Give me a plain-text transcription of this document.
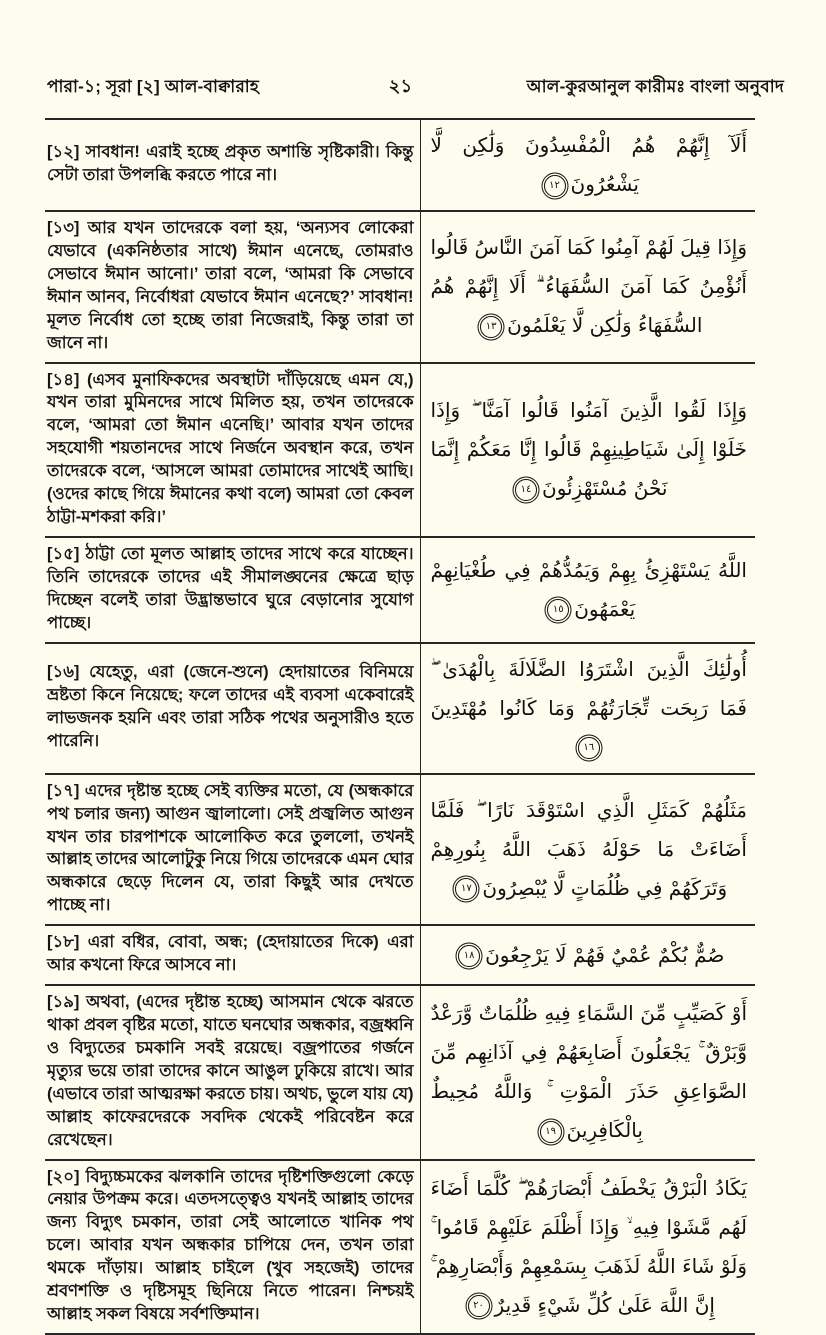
পারা-১; সূরা [২] আল-বাক্বারাহ	২১	আল-কুরআনুল কারীমঃ বাংলা অনুবাদ
[১২] সাবধান! এরাই হচ্ছে প্রকৃত অশান্তি সৃষ্টিকারী। কিন্তু সেটা তারা উপলব্ধি করতে পারে না।	أَلَآ إِنَّهُمْ هُمُ الْمُفْسِدُونَ وَلَٰكِن لَّا يَشْعُرُونَ١٢
[১৩] আর যখন তাদেরকে বলা হয়, ‘অন্যসব লোকেরা যেভাবে (একনিষ্ঠতার সাথে) ঈমান এনেছে, তোমরাও সেভাবে ঈমান আনো।’ তারা বলে, ‘আমরা কি সেভাবে ঈমান আনব, নির্বোধরা যেভাবে ঈমান এনেছে?’ সাবধান! মূলত নির্বোধ তো হচ্ছে তারা নিজেরাই, কিন্তু তারা তা জানে না।	وَإِذَا قِيلَ لَهُمْ آمِنُوا كَمَا آمَنَ النَّاسُ قَالُوا أَنُؤْمِنُ كَمَا آمَنَ السُّفَهَاءُ ۗ أَلَا إِنَّهُمْ هُمُ السُّفَهَاءُ وَلَٰكِن لَّا يَعْلَمُونَ١٣
[১৪] (এসব মুনাফিকদের অবস্থাটা দাঁড়িয়েছে এমন যে,) যখন তারা মুমিনদের সাথে মিলিত হয়, তখন তাদেরকে বলে, ‘আমরা তো ঈমান এনেছি।’ আবার যখন তাদের সহযোগী শয়তানদের সাথে নির্জনে অবস্থান করে, তখন তাদেরকে বলে, ‘আসলে আমরা তোমাদের সাথেই আছি। (ওদের কাছে গিয়ে ঈমানের কথা বলে) আমরা তো কেবল ঠাট্টা-মশকরা করি।’	وَإِذَا لَقُوا الَّذِينَ آمَنُوا قَالُوا آمَنَّا ۖ وَإِذَا خَلَوْا إِلَىٰ شَيَاطِينِهِمْ قَالُوا إِنَّا مَعَكُمْ إِنَّمَا نَحْنُ مُسْتَهْزِئُونَ١٤
[১৫] ঠাট্টা তো মূলত আল্লাহ তাদের সাথে করে যাচ্ছেন। তিনি তাদেরকে তাদের এই সীমালঙ্ঘনের ক্ষেত্রে ছাড় দিচ্ছেন বলেই তারা উদ্ভ্রান্তভাবে ঘুরে বেড়ানোর সুযোগ পাচ্ছে।	اللَّهُ يَسْتَهْزِئُ بِهِمْ وَيَمُدُّهُمْ فِي طُغْيَانِهِمْ يَعْمَهُونَ١٥
[১৬] যেহেতু, এরা (জেনে-শুনে) হেদায়াতের বিনিময়ে ভ্রষ্টতা কিনে নিয়েছে; ফলে তাদের এই ব্যবসা একেবারেই লাভজনক হয়নি এবং তারা সঠিক পথের অনুসারীও হতে পারেনি।	أُولَٰئِكَ الَّذِينَ اشْتَرَوُا الضَّلَالَةَ بِالْهُدَىٰ ۖ فَمَا رَبِحَت تِّجَارَتُهُمْ وَمَا كَانُوا مُهْتَدِينَ١٦
[১৭] এদের দৃষ্টান্ত হচ্ছে সেই ব্যক্তির মতো, যে (অন্ধকারে পথ চলার জন্য) আগুন জ্বালালো। সেই প্রজ্বলিত আগুন যখন তার চারপাশকে আলোকিত করে তুললো, তখনই আল্লাহ তাদের আলোটুকু নিয়ে গিয়ে তাদেরকে এমন ঘোর অন্ধকারে ছেড়ে দিলেন যে, তারা কিছুই আর দেখতে পাচ্ছে না।	مَثَلُهُمْ كَمَثَلِ الَّذِي اسْتَوْقَدَ نَارًا ۖ فَلَمَّا أَضَاءَتْ مَا حَوْلَهُ ذَهَبَ اللَّهُ بِنُورِهِمْ وَتَرَكَهُمْ فِي ظُلُمَاتٍ لَّا يُبْصِرُونَ١٧
[১৮] এরা বধির, বোবা, অন্ধ; (হেদায়াতের দিকে) এরা আর কখনো ফিরে আসবে না।	صُمٌّ بُكْمٌ عُمْيٌ فَهُمْ لَا يَرْجِعُونَ١٨
[১৯] অথবা, (এদের দৃষ্টান্ত হচ্ছে) আসমান থেকে ঝরতে থাকা প্রবল বৃষ্টির মতো, যাতে ঘনঘোর অন্ধকার, বজ্রধ্বনি ও বিদ্যুতের চমকানি সবই রয়েছে। বজ্রপাতের গর্জনে মৃত্যুর ভয়ে তারা তাদের কানে আঙুল ঢুকিয়ে রাখে। আর (এভাবে তারা আত্মরক্ষা করতে চায়। অথচ, ভুলে যায় যে) আল্লাহ কাফেরদেরকে সবদিক থেকেই পরিবেষ্টন করে রেখেছেন।	أَوْ كَصَيِّبٍ مِّنَ السَّمَاءِ فِيهِ ظُلُمَاتٌ وَّرَعْدٌ وَّبَرْقٌ ۚ يَجْعَلُونَ أَصَابِعَهُمْ فِي آذَانِهِم مِّنَ الصَّوَاعِقِ حَذَرَ الْمَوْتِ ۚ وَاللَّهُ مُحِيطٌ بِالْكَافِرِينَ١٩
[২০] বিদ্যুচ্চমকের ঝলকানি তাদের দৃষ্টিশক্তিগুলো কেড়ে নেয়ার উপক্রম করে। এতদসত্ত্বেও যখনই আল্লাহ তাদের জন্য বিদ্যুৎ চমকান, তারা সেই আলোতে খানিক পথ চলে। আবার যখন অন্ধকার চাপিয়ে দেন, তখন তারা থমকে দাঁড়ায়। আল্লাহ চাইলে (খুব সহজেই) তাদের শ্রবণশক্তি ও দৃষ্টিসমূহ ছিনিয়ে নিতে পারেন। নিশ্চয়ই আল্লাহ সকল বিষয়ে সর্বশক্তিমান।	يَكَادُ الْبَرْقُ يَخْطَفُ أَبْصَارَهُمْ ۖ كُلَّمَا أَضَاءَ لَهُم مَّشَوْا فِيهِ ۙ وَإِذَا أَظْلَمَ عَلَيْهِمْ قَامُوا ۚ وَلَوْ شَاءَ اللَّهُ لَذَهَبَ بِسَمْعِهِمْ وَأَبْصَارِهِمْ ۚ إِنَّ اللَّهَ عَلَىٰ كُلِّ شَيْءٍ قَدِيرٌ٢٠
